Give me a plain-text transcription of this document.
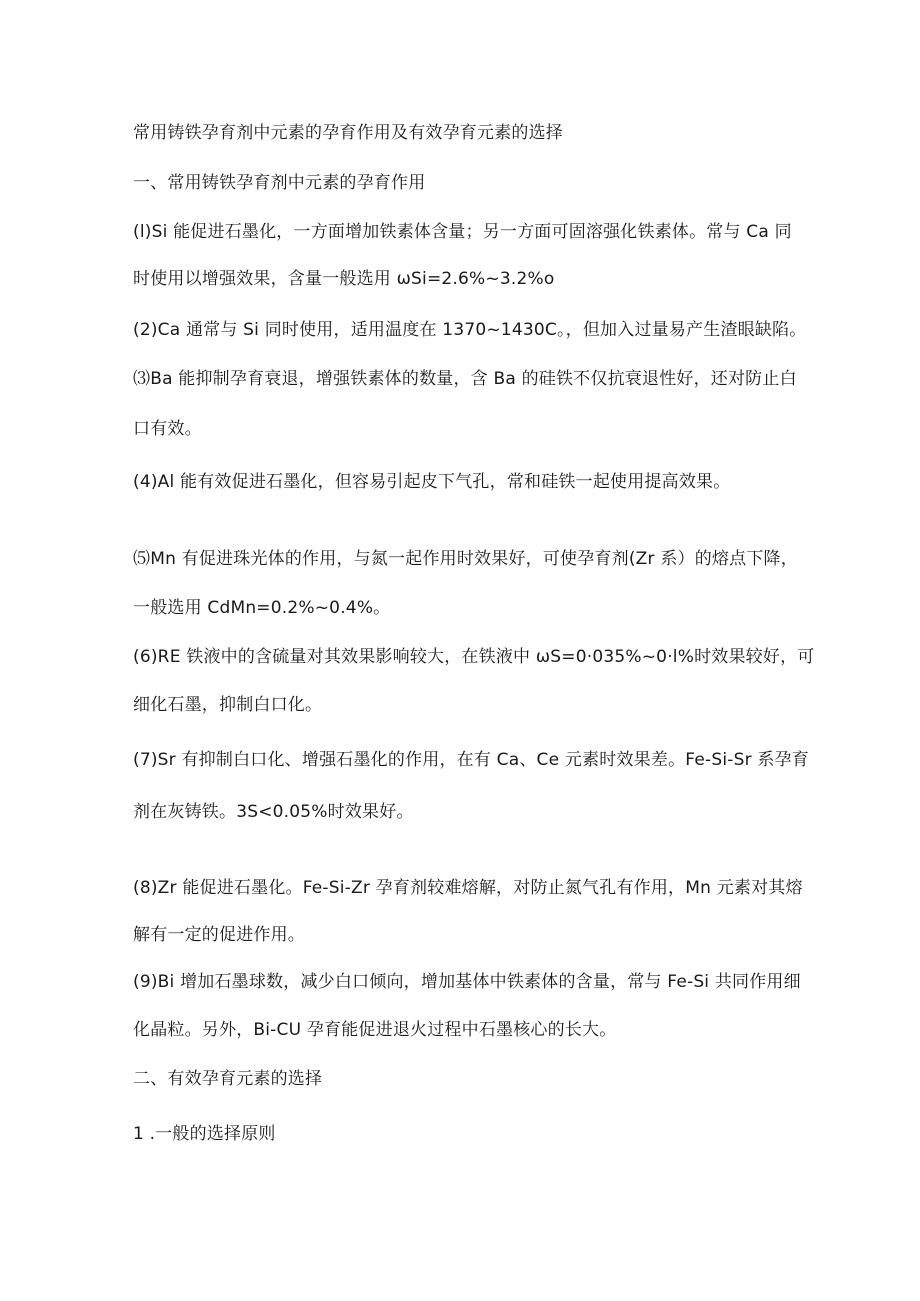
常用铸铁孕育剂中元素的孕育作用及有效孕育元素的选择
一、常用铸铁孕育剂中元素的孕育作用
(l)Si 能促进石墨化，一方面增加铁素体含量；另一方面可固溶强化铁素体。常与 Ca 同
时使用以增强效果，含量一般选用 ωSi=2.6%~3.2%o
(2)Ca 通常与 Si 同时使用，适用温度在 1370~1430C。，但加入过量易产生渣眼缺陷。
⑶Ba 能抑制孕育衰退，增强铁素体的数量，含 Ba 的硅铁不仅抗衰退性好，还对防止白
口有效。
(4)Al 能有效促进石墨化，但容易引起皮下气孔，常和硅铁一起使用提高效果。
⑸Mn 有促进珠光体的作用，与氮一起作用时效果好，可使孕育剂(Zr 系）的熔点下降，
一般选用 CdMn=0.2%~0.4%。
(6)RE 铁液中的含硫量对其效果影响较大，在铁液中 ωS=0·035%~0·l%时效果较好，可
细化石墨，抑制白口化。
(7)Sr 有抑制白口化、增强石墨化的作用，在有 Ca、Ce 元素时效果差。Fe-Si-Sr 系孕育
剂在灰铸铁。3S<0.05%时效果好。
(8)Zr 能促进石墨化。Fe-Si-Zr 孕育剂较难熔解，对防止氮气孔有作用，Mn 元素对其熔
解有一定的促进作用。
(9)Bi 增加石墨球数，减少白口倾向，增加基体中铁素体的含量，常与 Fe-Si 共同作用细
化晶粒。另外，Bi-CU 孕育能促进退火过程中石墨核心的长大。
二、有效孕育元素的选择
1 .一般的选择原则
